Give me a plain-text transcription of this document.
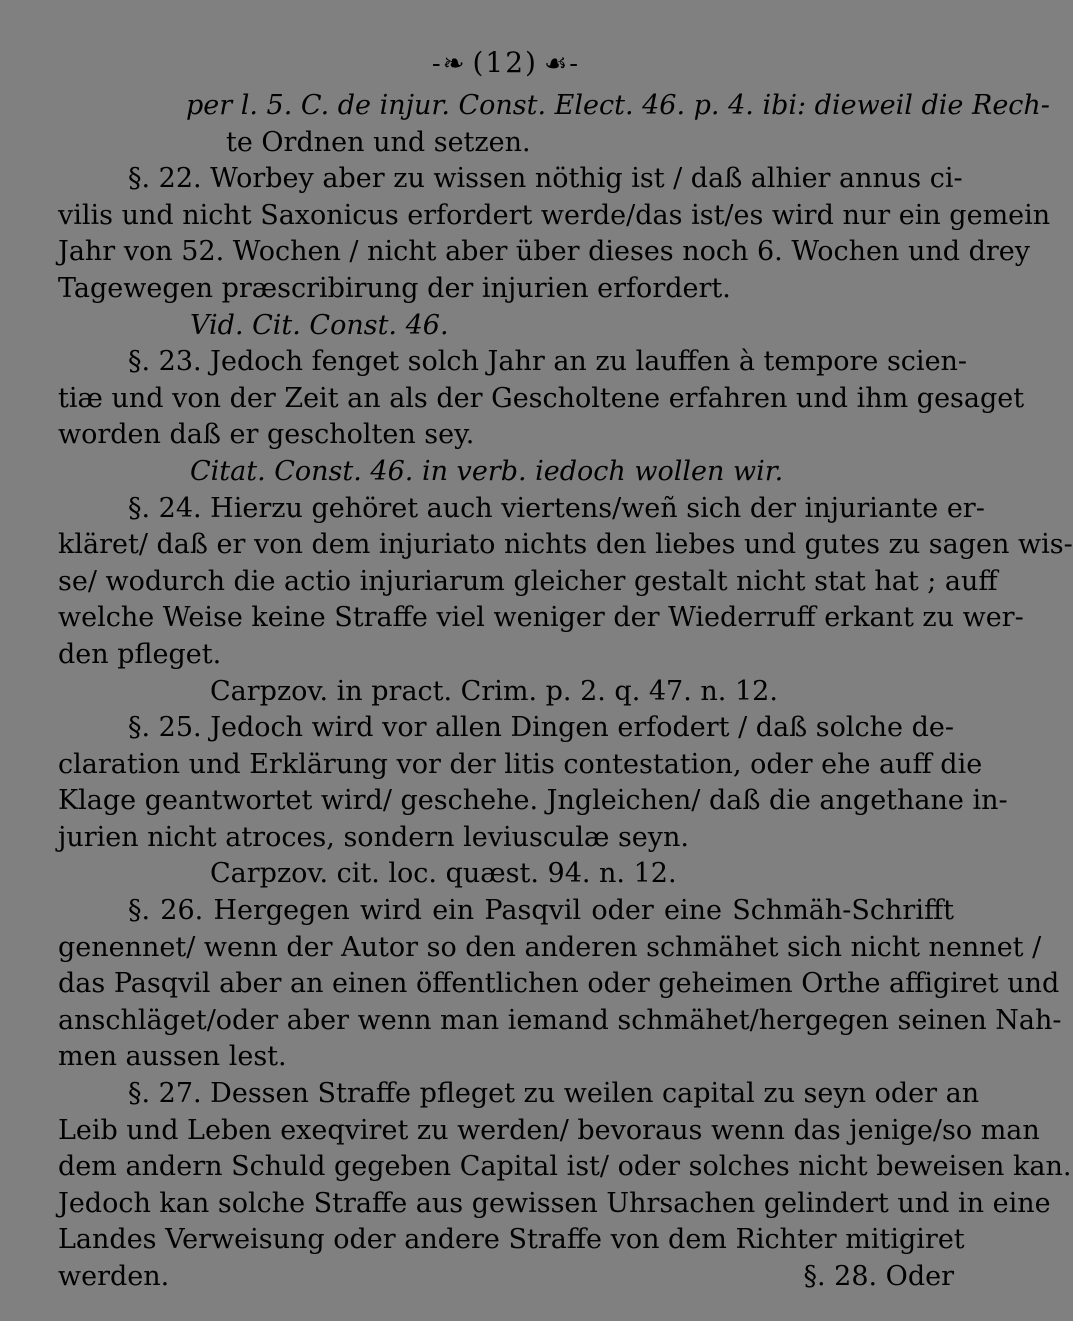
-❧ (12) ☙-
per l. 5. C. de injur. Const. Elect. 46. p. 4. ibi: dieweil die Rech-
te Ordnen und setzen.
§. 22. Worbey aber zu wissen nöthig ist / daß alhier annus ci-
vilis und nicht Saxonicus erfordert werde/das ist/es wird nur ein gemein
Jahr von 52. Wochen / nicht aber über dieses noch 6. Wochen und drey
Tagewegen præscribirung der injurien erfordert.
Vid. Cit. Const. 46.
§. 23. Jedoch fenget solch Jahr an zu lauffen à tempore scien-
tiæ und von der Zeit an als der Gescholtene erfahren und ihm gesaget
worden daß er gescholten sey.
Citat. Const. 46. in verb. iedoch wollen wir.
§. 24. Hierzu gehöret auch viertens/weñ sich der injuriante er-
kläret/ daß er von dem injuriato nichts den liebes und gutes zu sagen wis-
se/ wodurch die actio injuriarum gleicher gestalt nicht stat hat ; auff
welche Weise keine Straffe viel weniger der Wiederruff erkant zu wer-
den pfleget.
Carpzov. in pract. Crim. p. 2. q. 47. n. 12.
§. 25. Jedoch wird vor allen Dingen erfodert / daß solche de-
claration und Erklärung vor der litis contestation, oder ehe auff die
Klage geantwortet wird/ geschehe. Jngleichen/ daß die angethane in-
jurien nicht atroces, sondern leviusculæ seyn.
Carpzov. cit. loc. quæst. 94. n. 12.
§. 26. Hergegen wird ein Pasqvil oder eine Schmäh-Schrifft
genennet/ wenn der Autor so den anderen schmähet sich nicht nennet /
das Pasqvil aber an einen öffentlichen oder geheimen Orthe affigiret und
anschläget/oder aber wenn man iemand schmähet/hergegen seinen Nah-
men aussen lest.
§. 27. Dessen Straffe pfleget zu weilen capital zu seyn oder an
Leib und Leben exeqviret zu werden/ bevoraus wenn das jenige/so man
dem andern Schuld gegeben Capital ist/ oder solches nicht beweisen kan.
Jedoch kan solche Straffe aus gewissen Uhrsachen gelindert und in eine
Landes Verweisung oder andere Straffe von dem Richter mitigiret
werden.	§. 28. Oder
